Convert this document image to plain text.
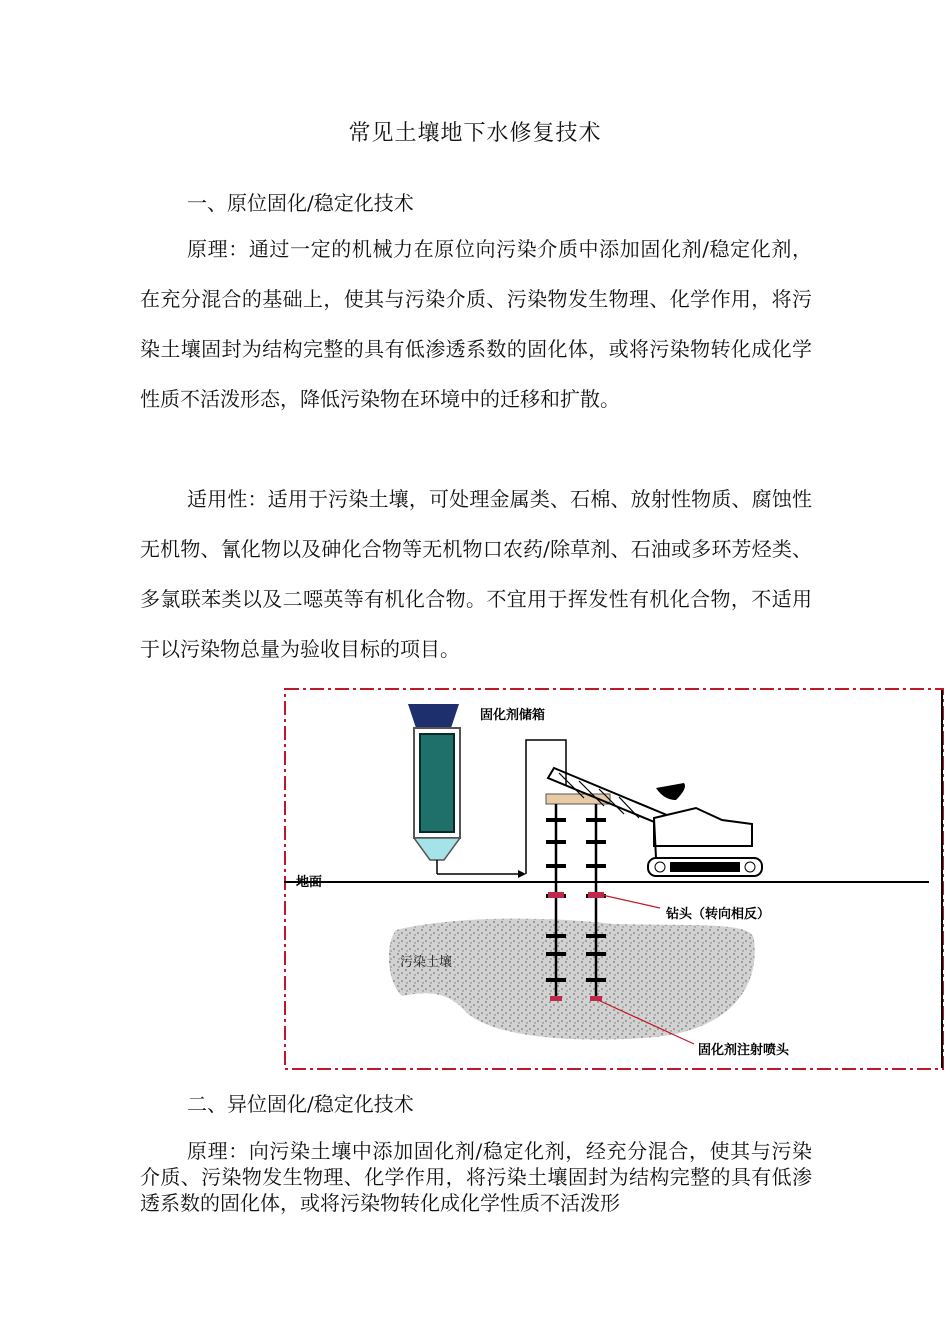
常见土壤地下水修复技术
一、原位固化/稳定化技术
原理：通过一定的机械力在原位向污染介质中添加固化剂/稳定化剂，在充分混合的基础上，使其与污染介质、污染物发生物理、化学作用，将污染土壤固封为结构完整的具有低渗透系数的固化体，或将污染物转化成化学性质不活泼形态，降低污染物在环境中的迁移和扩散。
适用性：适用于污染土壤，可处理金属类、石棉、放射性物质、腐蚀性无机物、氰化物以及砷化合物等无机物口农药/除草剂、石油或多环芳烃类、多氯联苯类以及二噁英等有机化合物。不宜用于挥发性有机化合物，不适用于以污染物总量为验收目标的项目。
固化剂储箱
地面
污染土壤
钻头（转向相反）
固化剂注射喷头
二、异位固化/稳定化技术
原理：向污染土壤中添加固化剂/稳定化剂，经充分混合，使其与污染介质、污染物发生物理、化学作用，将污染土壤固封为结构完整的具有低渗透系数的固化体，或将污染物转化成化学性质不活泼形
